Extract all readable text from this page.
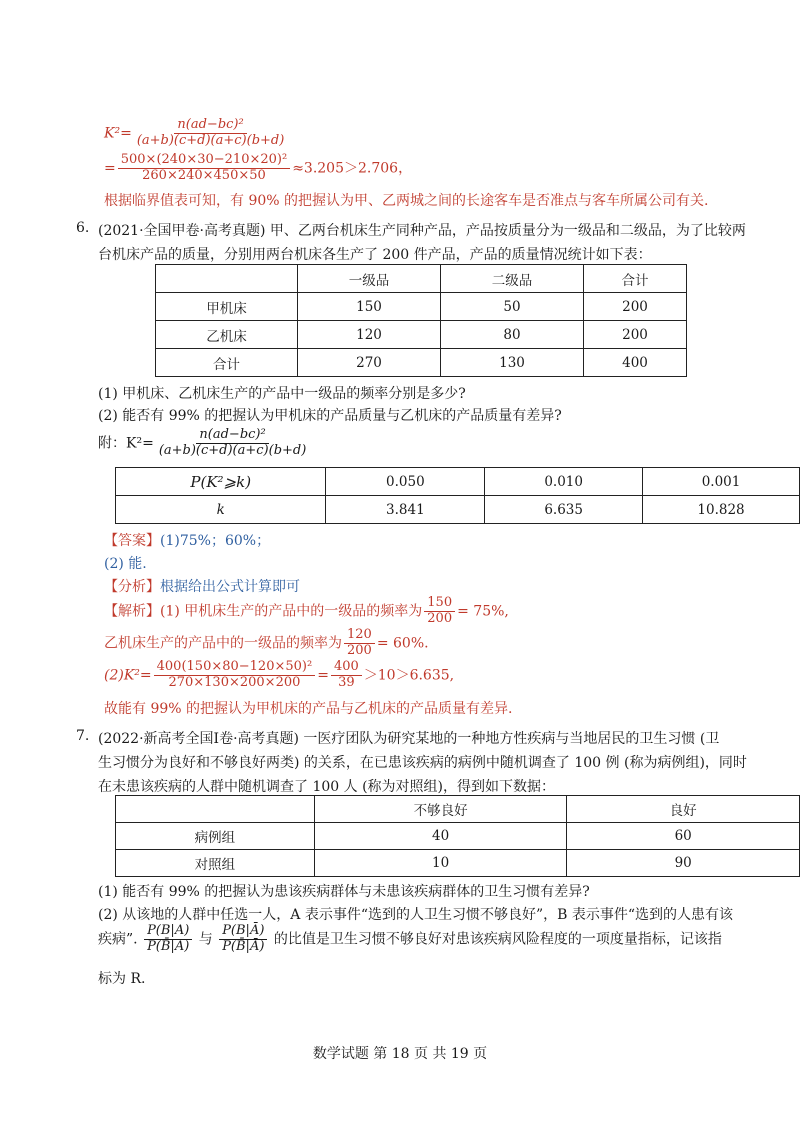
$K^2= \frac{\text{n(ad−bc)²}}{(a+b)(c+d)(a+c)(b+d)}$
= $\frac{\text{500×(240×30−210×20)²}}{260\times 240\times 450\times 50} \approx 3.205>2.706$，
根据临界值表可知，有 90% 的把握认为甲、乙两城之间的长途客车是否准点与客车所属公司有关.
6. (2021·全国甲卷·高考真题) 甲、乙两台机床生产同种产品，产品按质量分为一级品和二级品，为了比较两
台机床产品的质量，分别用两台机床各生产了 200 件产品，产品的质量情况统计如下表：
	一级品	二级品	合计
甲机床	150	50	200
乙机床	120	80	200
合计	270	130	400
(1) 甲机床、乙机床生产的产品中一级品的频率分别是多少?
(2) 能否有 99% 的把握认为甲机床的产品质量与乙机床的产品质量有差异?
附：$K^2= \frac{\text{n(ad−bc)²}}{(a+b)(c+d)(a+c)(b+d)}$
P(K²⩾k)	0.050	0.010	0.001
k	3.841	6.635	10.828
【答案】(1)75%；60%；
(2) 能.
【分析】根据给出公式计算即可
【解析】(1) 甲机床生产的产品中的一级品的频率为 $\frac{150}{200} = 75\%$,
乙机床生产的产品中的一级品的频率为 $\frac{120}{200} = 60\%$.
$(2)K^2= \frac{\text{400(150×80−120×50)²}}{270\times 130\times 200\times 200} = \frac{400}{39} >10>6.635$,
故能有 99% 的把握认为甲机床的产品与乙机床的产品质量有差异.
7. (2022·新高考全国Ⅰ卷·高考真题) 一医疗团队为研究某地的一种地方性疾病与当地居民的卫生习惯 (卫
生习惯分为良好和不够良好两类) 的关系，在已患该疾病的病例中随机调查了 100 例 (称为病例组)，同时
在未患该疾病的人群中随机调查了 100 人 (称为对照组)，得到如下数据：
	不够良好	良好
病例组	40	60
对照组	10	90
(1) 能否有 99% 的把握认为患该疾病群体与未患该疾病群体的卫生习惯有差异?
(2) 从该地的人群中任选一人，A 表示事件“选到的人卫生习惯不够良好”，B 表示事件“选到的人患有该
疾病”. $\frac{P(B|A)}{P(B̄|A)}$ 与 $\frac{P(B|Ā)}{P(B̄|Ā)}$ 的比值是卫生习惯不够良好对患该疾病风险程度的一项度量指标，记该指
标为 R.
数学试题 第 18 页 共 19 页
